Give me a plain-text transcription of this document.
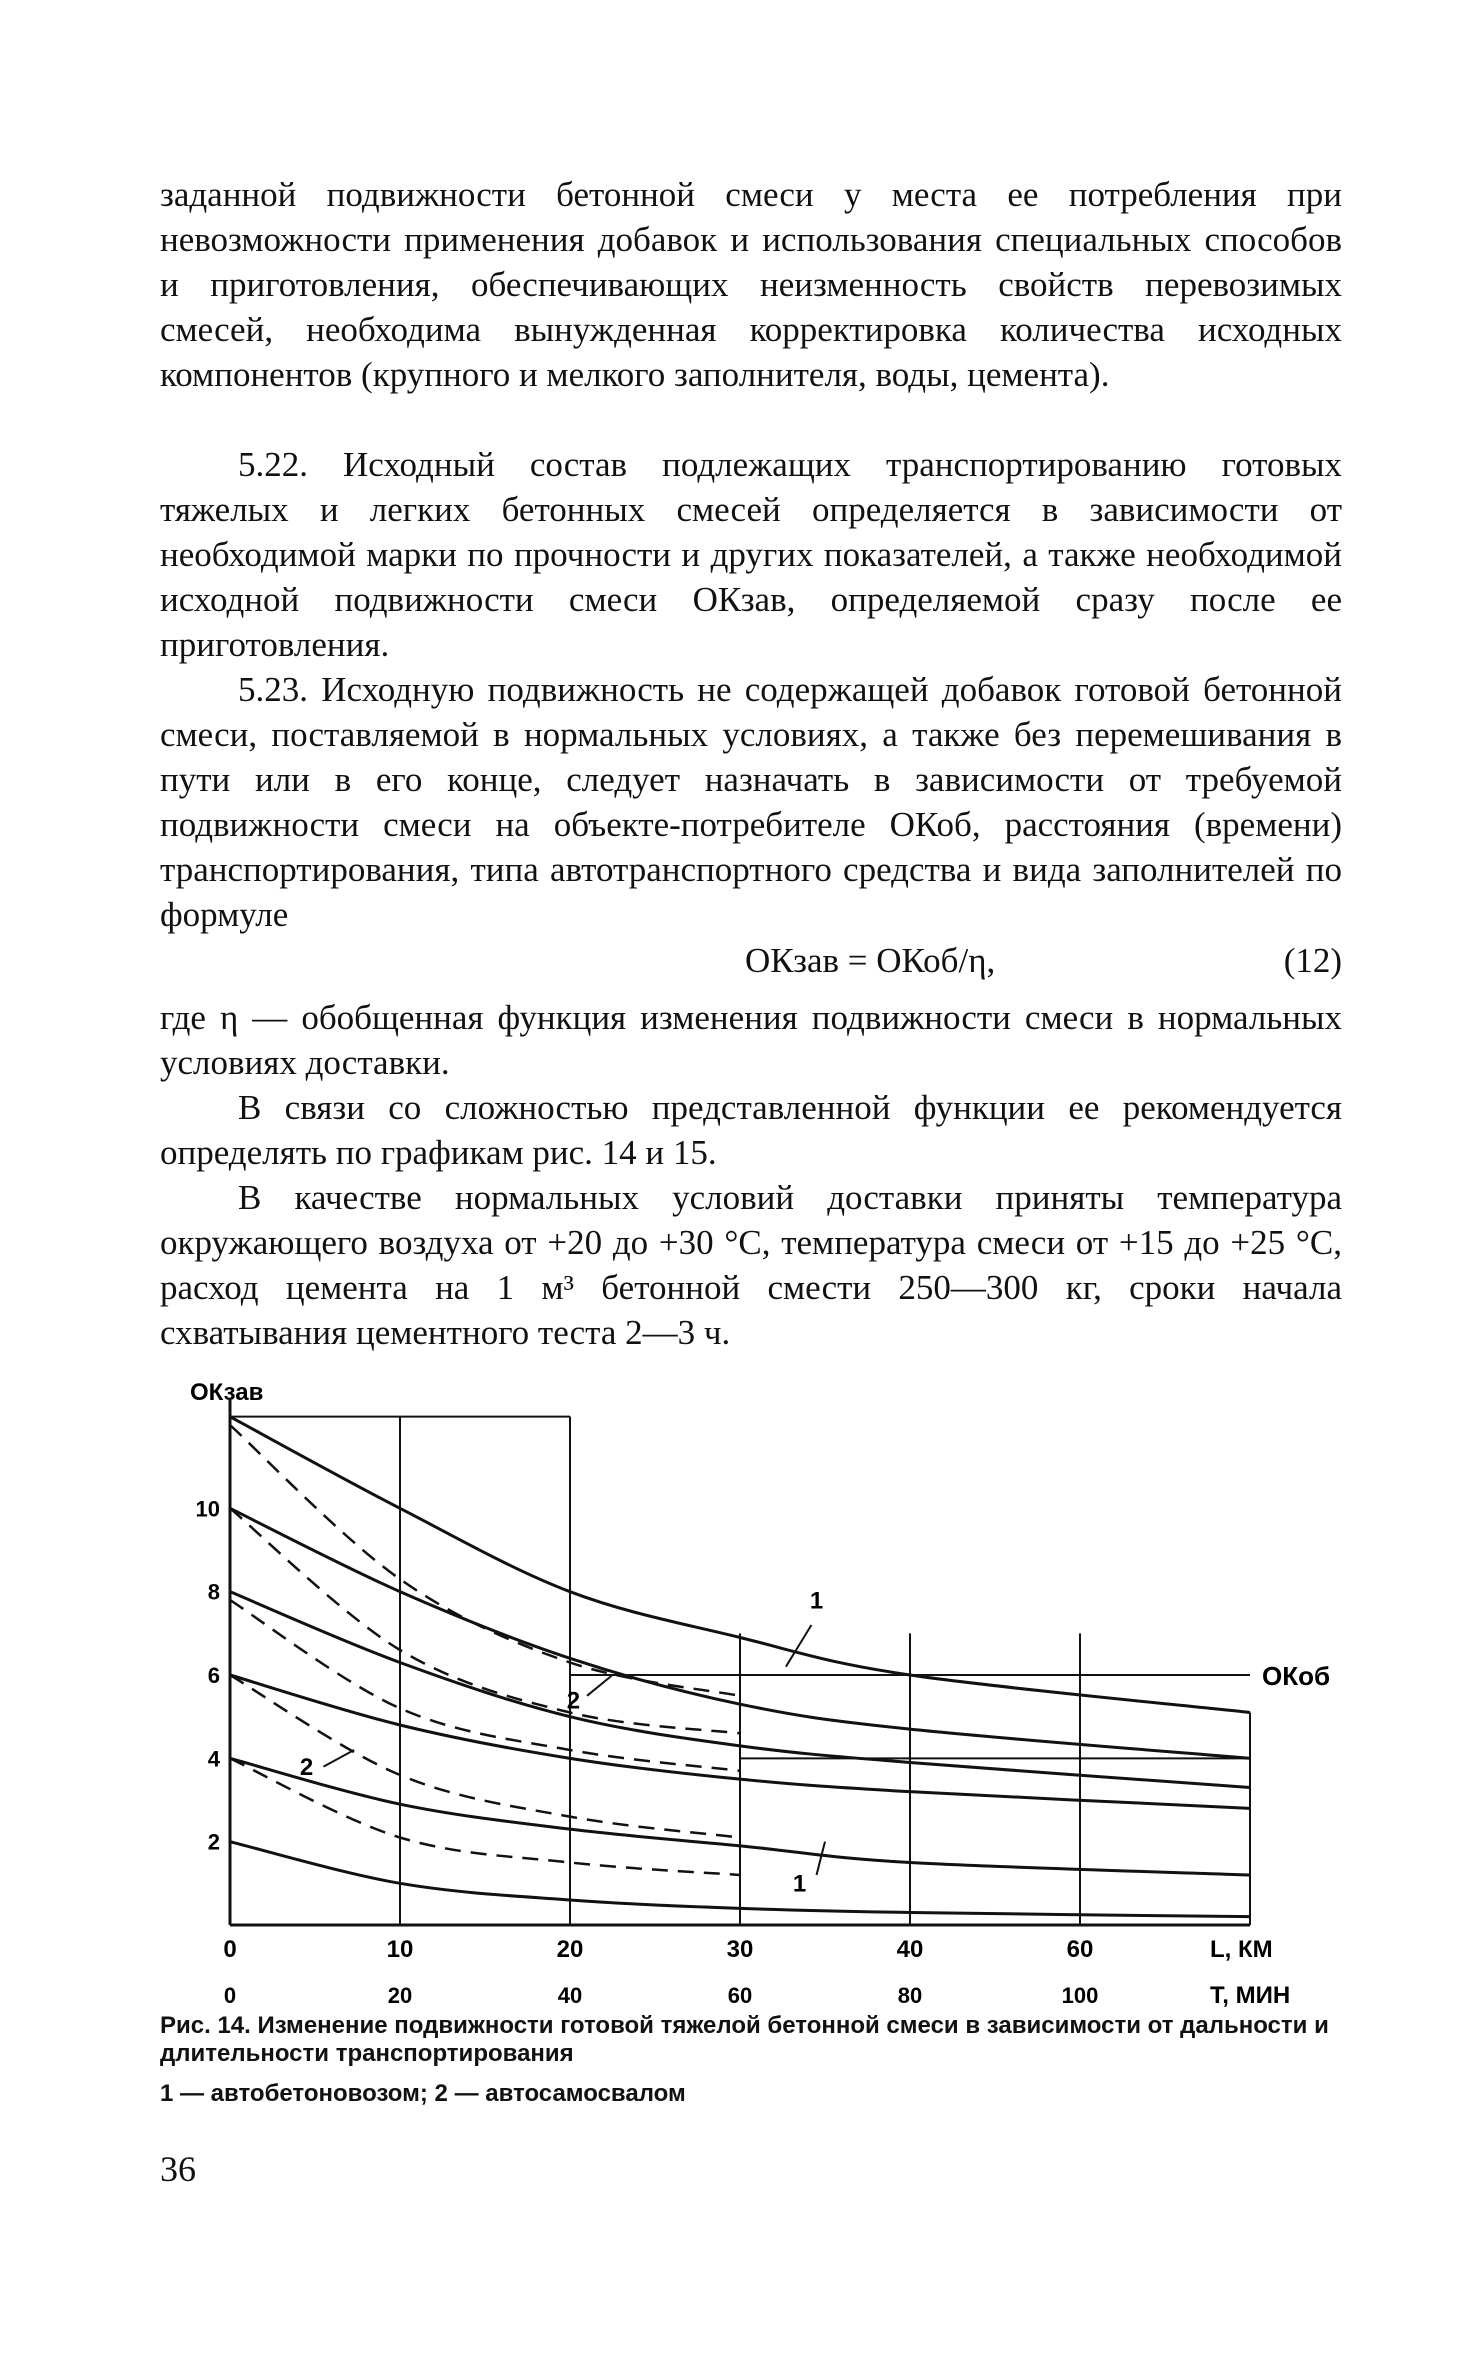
заданной подвижности бетонной смеси у места ее потребления при невозможности применения добавок и использования специальных способов и приготовления, обеспечивающих неизменность свойств перевозимых смесей, необходима вынужденная корректировка количества исходных компонентов (крупного и мелкого заполнителя, воды, цемента).

5.22. Исходный состав подлежащих транспортированию готовых тяжелых и легких бетонных смесей определяется в зависимости от необходимой марки по прочности и других показателей, а также необходимой исходной подвижности смеси ОКзав, определяемой сразу после ее приготовления.

5.23. Исходную подвижность не содержащей добавок готовой бетонной смеси, поставляемой в нормальных условиях, а также без перемешивания в пути или в его конце, следует назначать в зависимости от требуемой подвижности смеси на объекте-потребителе ОКоб, расстояния (времени) транспортирования, типа автотранспортного средства и вида заполнителей по формуле

ОКзав = ОКоб/η,	(12)

где η — обобщенная функция изменения подвижности смеси в нормальных условиях доставки.

В связи со сложностью представленной функции ее рекомендуется определять по графикам рис. 14 и 15.

В качестве нормальных условий доставки приняты температура окружающего воздуха от +20 до +30 °С, температура смеси от +15 до +25 °С, расход цемента на 1 м³ бетонной смести 250—300 кг, сроки начала схватывания цементного теста 2—3 ч.

2
4
6
8
10
ОКзав
ОКоб
0	10	20	30	40	60	L, КМ
0	20	40	60	80	100	Т, МИН
1
2
2
1
Рис. 14. Изменение подвижности готовой тяжелой бетонной смеси в зависимости от дальности и длительности транспортирования
1 — автобетоновозом; 2 — автосамосвалом
36
